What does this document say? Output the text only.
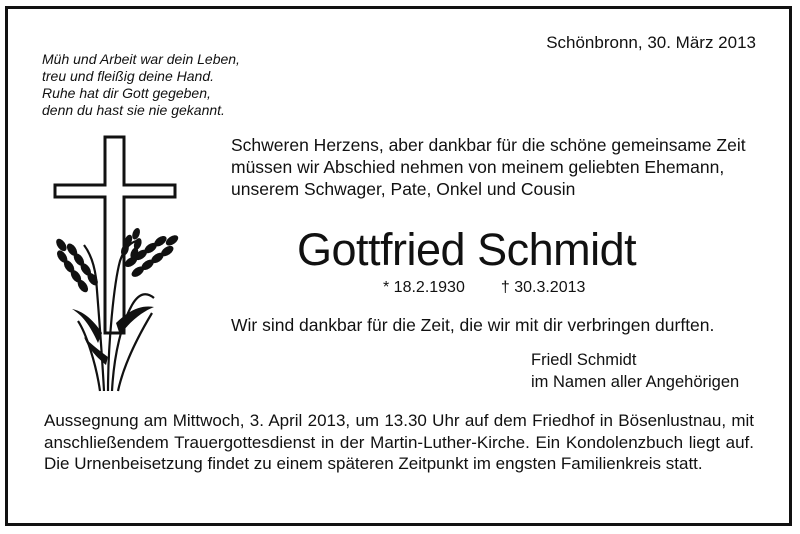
Schönbronn, 30. März 2013
Müh und Arbeit war dein Leben,
treu und fleißig deine Hand.
Ruhe hat dir Gott gegeben,
denn du hast sie nie gekannt.
Schweren Herzens, aber dankbar für die schöne gemeinsame Zeit
müssen wir Abschied nehmen von meinem geliebten Ehemann,
unserem Schwager, Pate, Onkel und Cousin
Gottfried Schmidt
* 18.2.1930 † 30.3.2013
Wir sind dankbar für die Zeit, die wir mit dir verbringen durften.
Friedl Schmidt
im Namen aller Angehörigen
Aussegnung am Mittwoch, 3. April 2013, um 13.30 Uhr auf dem Friedhof in Bösenlustnau, mit anschließendem Trauergottesdienst in der Martin-Luther-Kirche. Ein Kondolenzbuch liegt auf. Die Urnenbeisetzung findet zu einem späteren Zeitpunkt im engsten Familienkreis statt.
